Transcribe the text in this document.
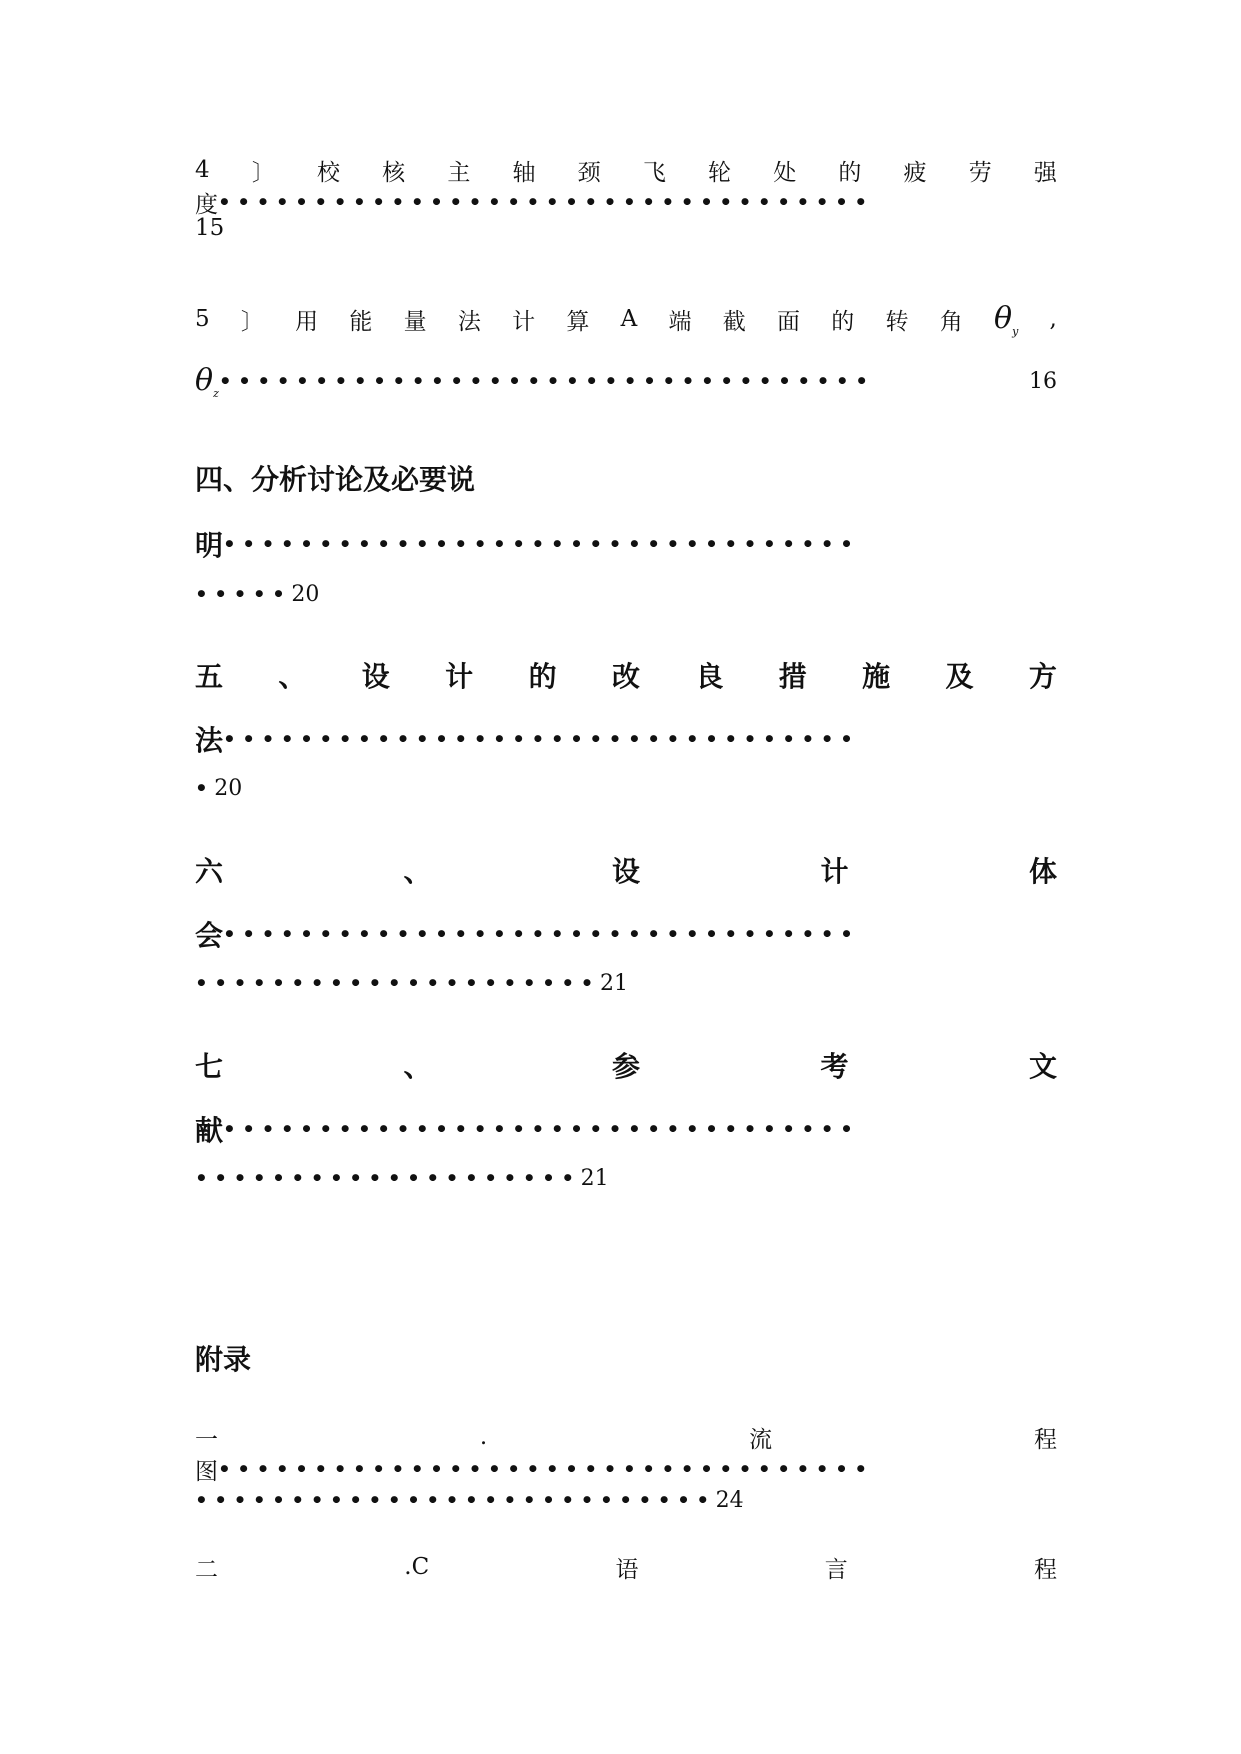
4 〕 校 核 主 轴 颈 飞 轮 处 的 疲 劳 强
度 ••••••••••••••••••••••••••••••••••
15
5 〕 用 能 量 法 计 算 A 端 截 面 的 转 角 $\theta_y$ ,
$\theta_z$ ••••••••••••••••••••••••••••••••••	16
四、分析讨论及必要说
明 •••••••••••••••••••••••••••••••••
••••• 20
五 、 设 计 的 改 良 措 施 及 方
法 •••••••••••••••••••••••••••••••••
• 20
六	、	设	计	体
会 •••••••••••••••••••••••••••••••••
••••••••••••••••••••• 21
七	、	参	考	文
献 •••••••••••••••••••••••••••••••••
•••••••••••••••••••• 21
附录
一	.	流	程
图 ••••••••••••••••••••••••••••••••••
••••••••••••••••••••••••••• 24
二	.C	语	言	程
